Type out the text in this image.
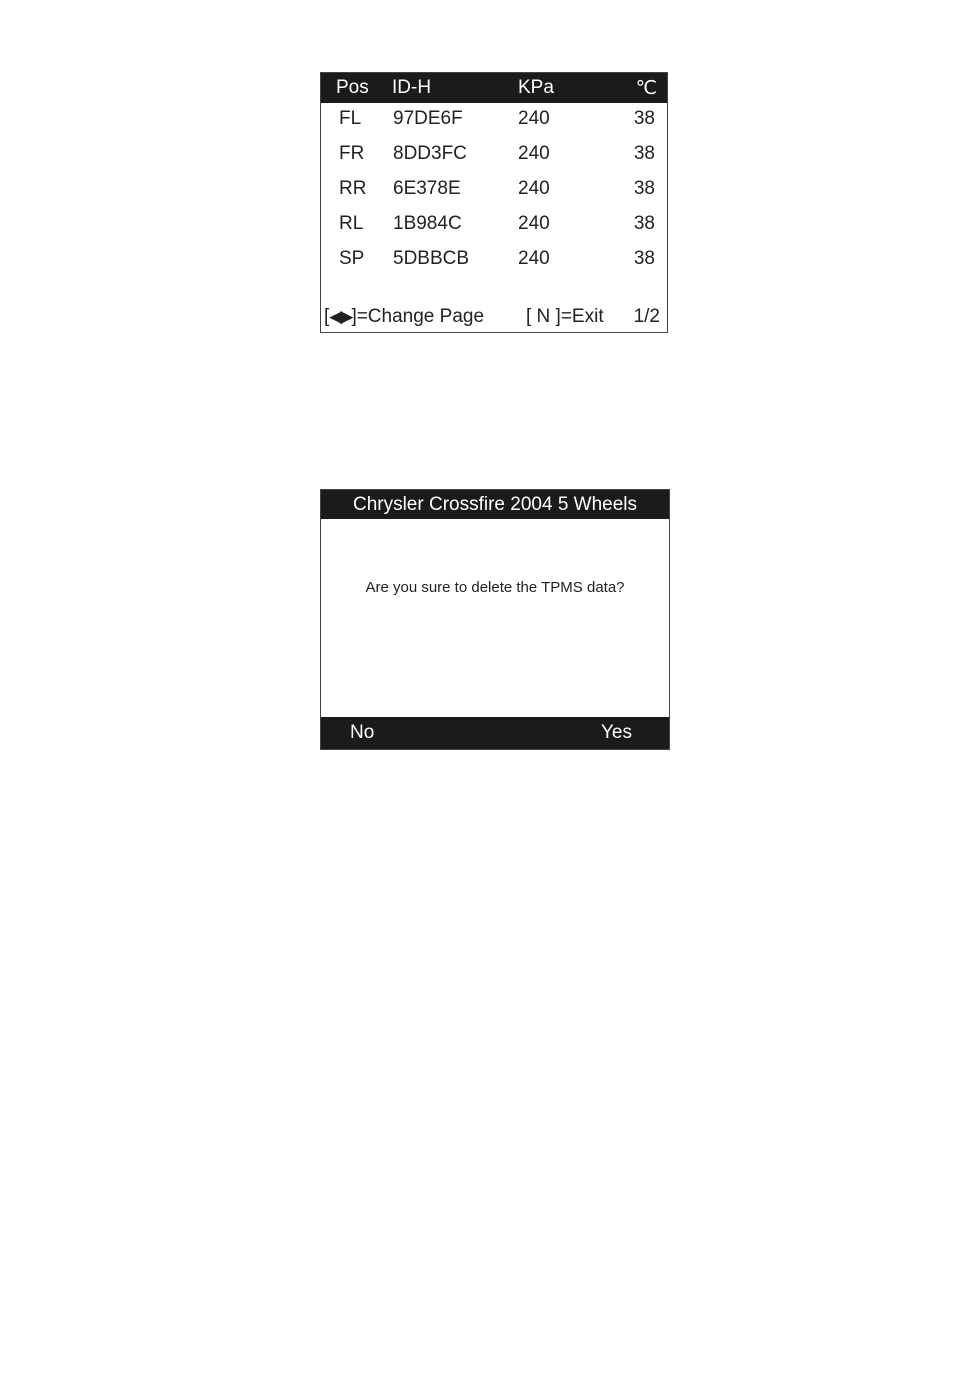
Pos ID-H	KPa	℃
FL 97DE6F	240	38
FR 8DD3FC	240	38
RR 6E378E	240	38
RL 1B984C	240	38
SP 5DBBCB	240	38
[◀▶]=Change Page [ N ]=Exit 1/2
Chrysler Crossfire 2004 5 Wheels
Are you sure to delete the TPMS data?
No	Yes
